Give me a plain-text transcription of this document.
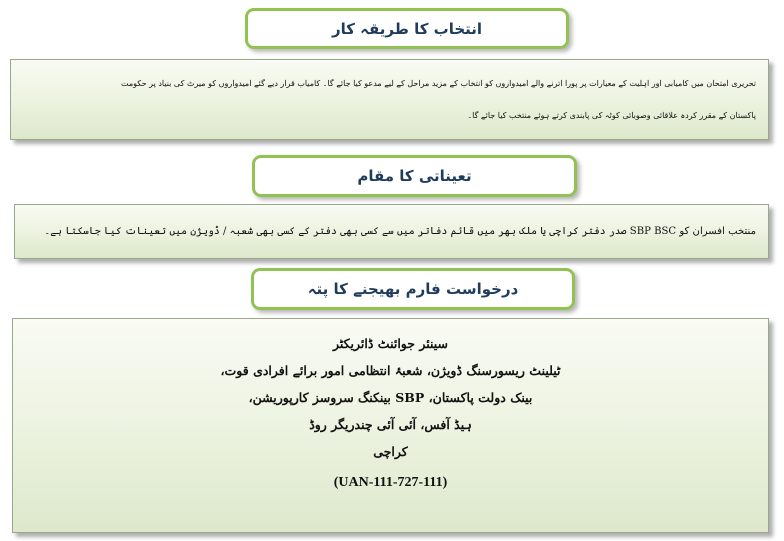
انتخاب کا طریقہ کار
تحریری امتحان میں کامیابی اور اہلیت کے معیارات پر پورا اترنے والے امیدواروں کو انتخاب کے مزید مراحل کے لیے مدعو کیا جائے گا۔ کامیاب قرار دیے گئے امیدواروں کو میرٹ کی بنیاد پر حکومت
پاکستان کے مقرر کردہ علاقائی وصوبائی کوٹہ کی پابندی کرتے ہوئے منتخب کیا جائے گا۔
تعیناتی کا مقام
منتخب افسران کو SBP BSC صدر دفتر کراچی یا ملک بھر میں قائم دفاتر میں سے کسی بھی دفتر کے کسی بھی شعبہ / ڈویژن میں تعینات کیا جاسکتا ہے۔
درخواست فارم بھیجنے کا پتہ
سینئر جوائنٹ ڈائریکٹر
ٹیلینٹ ریسورسنگ ڈویژن، شعبۂ انتظامی امور برائے افرادی قوت،
بینک دولت پاکستان، SBP بینکنگ سروسز کارپوریشن،
ہیڈ آفس، آئی آئی چندریگر روڈ
کراچی
(UAN-111-727-111)
